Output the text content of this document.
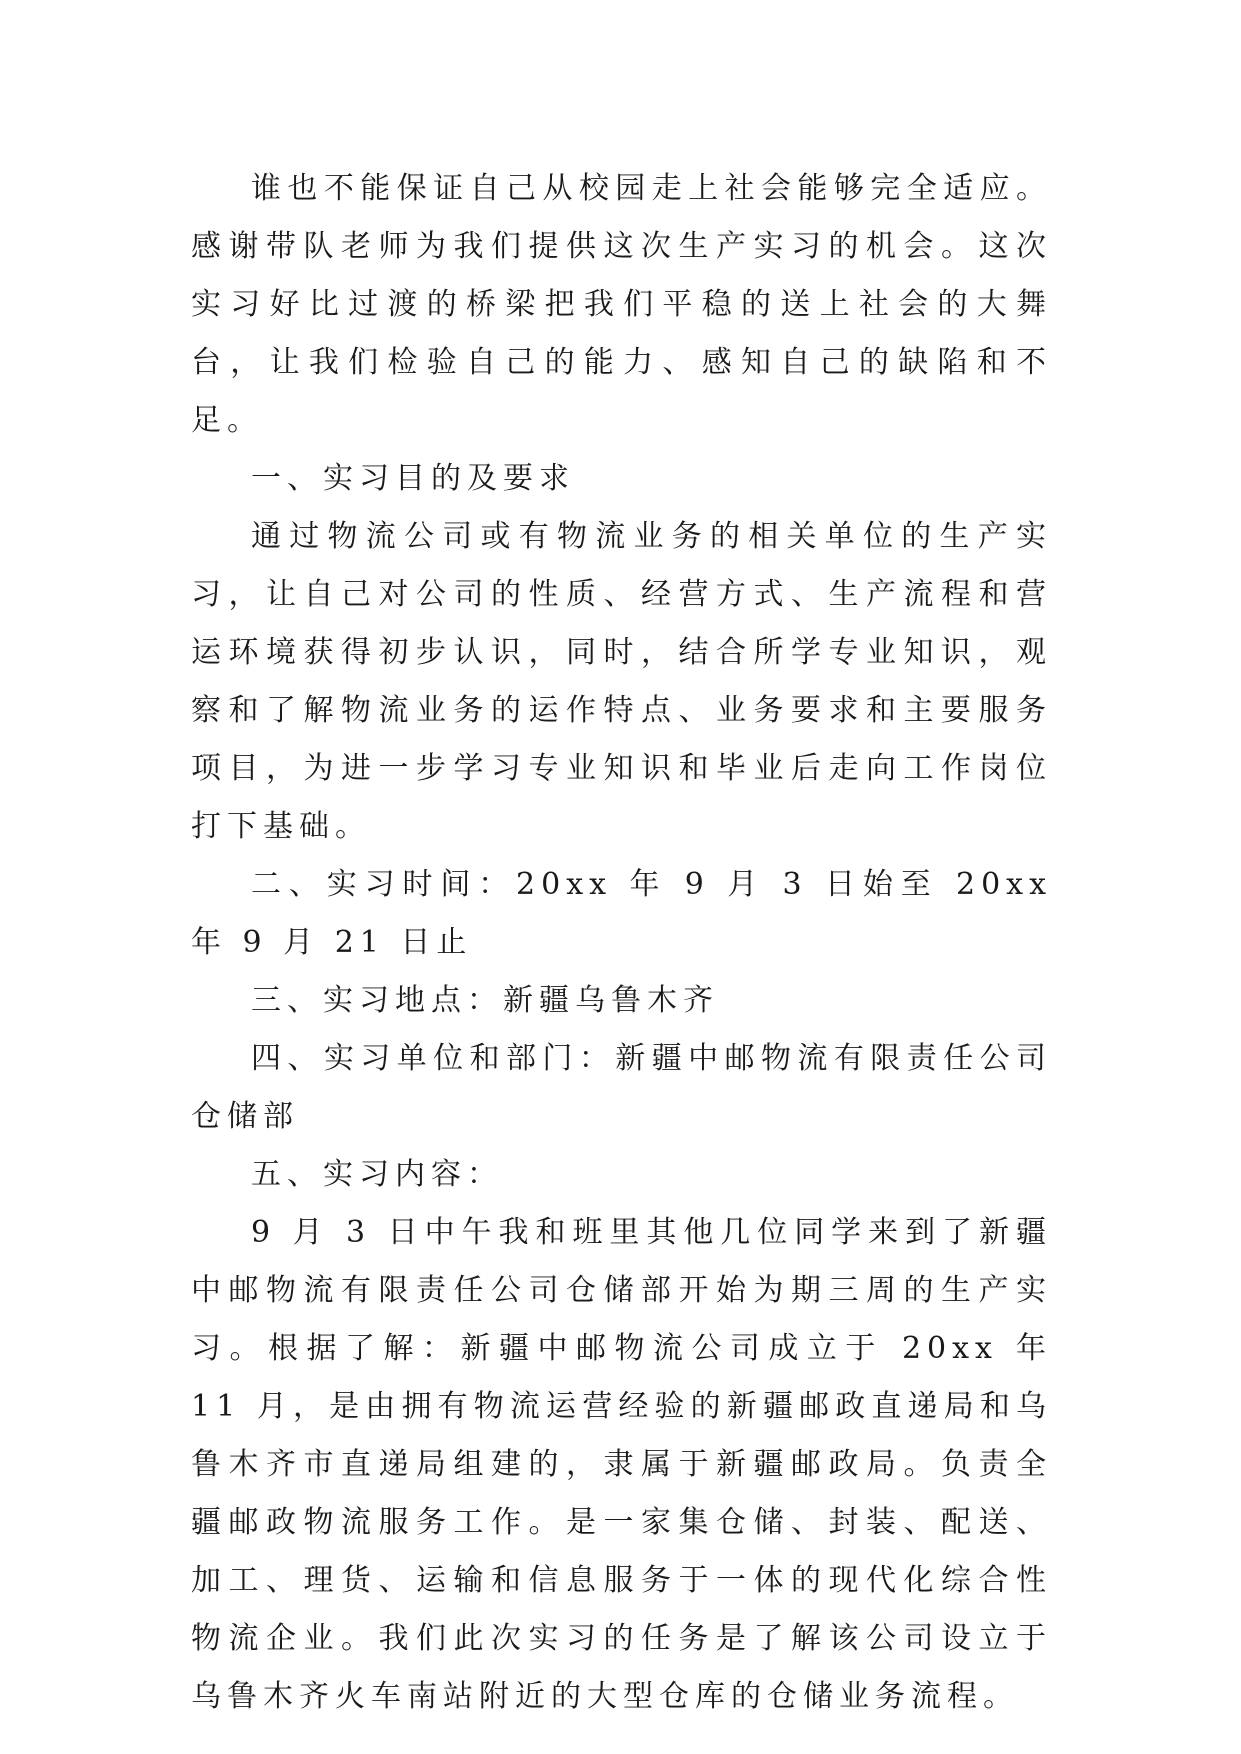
谁也不能保证自己从校园走上社会能够完全适应。感谢带队老师为我们提供这次生产实习的机会。这次实习好比过渡的桥梁把我们平稳的送上社会的大舞台，让我们检验自己的能力、感知自己的缺陷和不足。

一、实习目的及要求

通过物流公司或有物流业务的相关单位的生产实习，让自己对公司的性质、经营方式、生产流程和营运环境获得初步认识，同时，结合所学专业知识，观察和了解物流业务的运作特点、业务要求和主要服务项目，为进一步学习专业知识和毕业后走向工作岗位打下基础。

二、实习时间：20xx 年 9 月 3 日始至 20xx 年 9 月 21 日止

三、实习地点：新疆乌鲁木齐

四、实习单位和部门：新疆中邮物流有限责任公司仓储部

五、实习内容：

9 月 3 日中午我和班里其他几位同学来到了新疆中邮物流有限责任公司仓储部开始为期三周的生产实习。根据了解：新疆中邮物流公司成立于 20xx 年 11 月，是由拥有物流运营经验的新疆邮政直递局和乌鲁木齐市直递局组建的，隶属于新疆邮政局。负责全疆邮政物流服务工作。是一家集仓储、封装、配送、加工、理货、运输和信息服务于一体的现代化综合性物流企业。我们此次实习的任务是了解该公司设立于乌鲁木齐火车南站附近的大型仓库的仓储业务流程。
